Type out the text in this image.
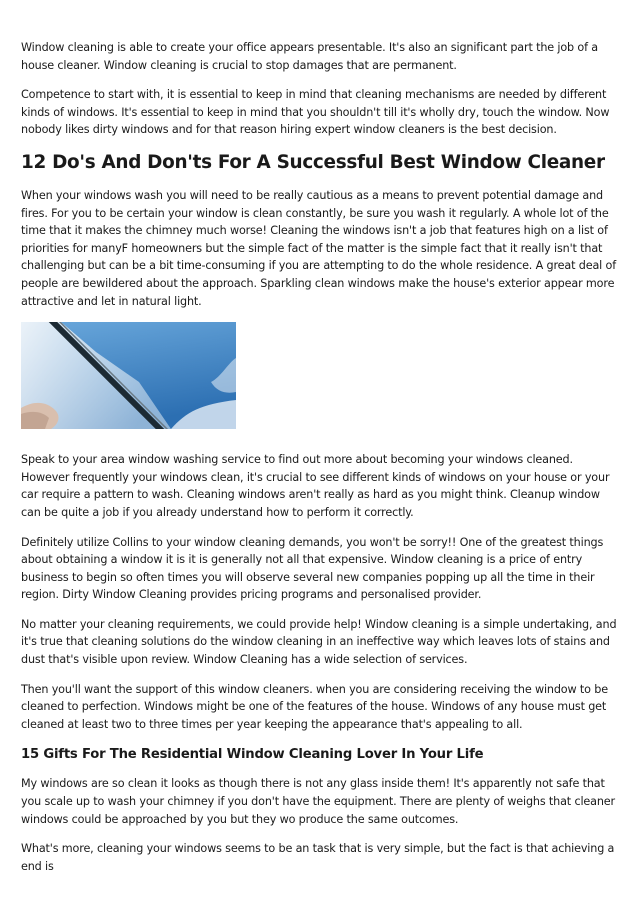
Window cleaning is able to create your office appears presentable. It's also an significant part the job of a house cleaner. Window cleaning is crucial to stop damages that are permanent.

Competence to start with, it is essential to keep in mind that cleaning mechanisms are needed by different kinds of windows. It's essential to keep in mind that you shouldn't till it's wholly dry, touch the window. Now nobody likes dirty windows and for that reason hiring expert window cleaners is the best decision.

12 Do's And Don'ts For A Successful Best Window Cleaner

When your windows wash you will need to be really cautious as a means to prevent potential damage and fires. For you to be certain your window is clean constantly, be sure you wash it regularly. A whole lot of the time that it makes the chimney much worse! Cleaning the windows isn't a job that features high on a list of priorities for manyF homeowners but the simple fact of the matter is the simple fact that it really isn't that challenging but can be a bit time-consuming if you are attempting to do the whole residence. A great deal of people are bewildered about the approach. Sparkling clean windows make the house's exterior appear more attractive and let in natural light.

Speak to your area window washing service to find out more about becoming your windows cleaned. However frequently your windows clean, it's crucial to see different kinds of windows on your house or your car require a pattern to wash. Cleaning windows aren't really as hard as you might think. Cleanup window can be quite a job if you already understand how to perform it correctly.

Definitely utilize Collins to your window cleaning demands, you won't be sorry!! One of the greatest things about obtaining a window it is it is generally not all that expensive. Window cleaning is a price of entry business to begin so often times you will observe several new companies popping up all the time in their region. Dirty Window Cleaning provides pricing programs and personalised provider.

No matter your cleaning requirements, we could provide help! Window cleaning is a simple undertaking, and it's true that cleaning solutions do the window cleaning in an ineffective way which leaves lots of stains and dust that's visible upon review. Window Cleaning has a wide selection of services.

Then you'll want the support of this window cleaners. when you are considering receiving the window to be cleaned to perfection. Windows might be one of the features of the house. Windows of any house must get cleaned at least two to three times per year keeping the appearance that's appealing to all.

15 Gifts For The Residential Window Cleaning Lover In Your Life

My windows are so clean it looks as though there is not any glass inside them! It's apparently not safe that you scale up to wash your chimney if you don't have the equipment. There are plenty of weighs that cleaner windows could be approached by you but they wo produce the same outcomes.

What's more, cleaning your windows seems to be an task that is very simple, but the fact is that achieving a end is
